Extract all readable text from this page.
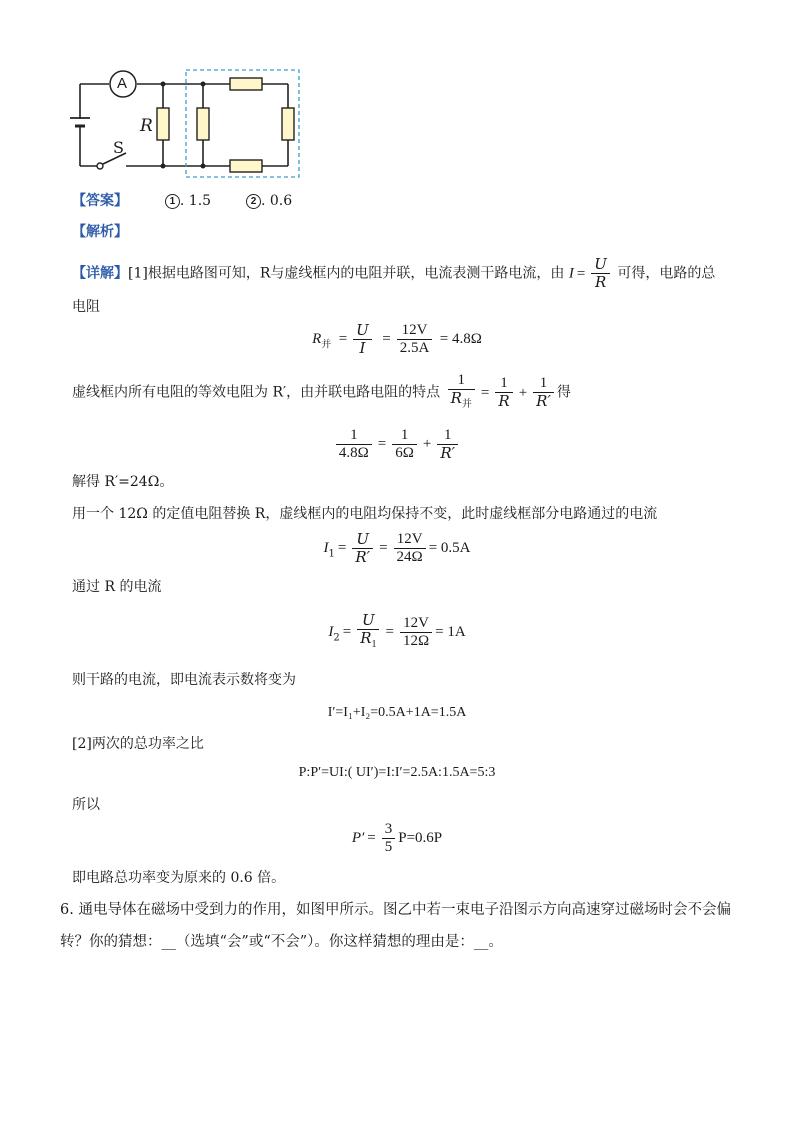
A
R
S
【答案】	1 . 1.5	2 . 0.6
【解析】
【详解】[1]根据电路图可知，R与虚线框内的电阻并联，电流表测干路电流，由 $I = \frac{U}{R}$ 可得，电路的总
电阻
$R_并 = \frac{U}{I} = \frac{12V}{2.5A} = 4.8\Omega$
虚线框内所有电阻的等效电阻为 R′，由并联电路电阻的特点 $\frac{1}{R_并} = \frac{1}{R} + \frac{1}{R'}$ 得
$\frac{1}{4.8\Omega} = \frac{1}{6\Omega} + \frac{1}{R'}$
解得 R′=24Ω。
用一个 12Ω 的定值电阻替换 R，虚线框内的电阻均保持不变，此时虚线框部分电路通过的电流
$I_1 = \frac{U}{R'} = \frac{12V}{24\Omega} = 0.5A$
通过 R 的电流
$I_2 = \frac{U}{R_1} = \frac{12V}{12\Omega} = 1A$
则干路的电流，即电流表示数将变为
I′=I₁+I₂=0.5A+1A=1.5A
[2]两次的总功率之比
P:P′=UI:( UI′)=I:I′=2.5A:1.5A=5:3
所以
$P' = \frac{3}{5} P=0.6P$
即电路总功率变为原来的 0.6 倍。
6. 通电导体在磁场中受到力的作用，如图甲所示。图乙中若一束电子沿图示方向高速穿过磁场时会不会偏
转？你的猜想：__（选填“会”或“不会”）。你这样猜想的理由是：__。
